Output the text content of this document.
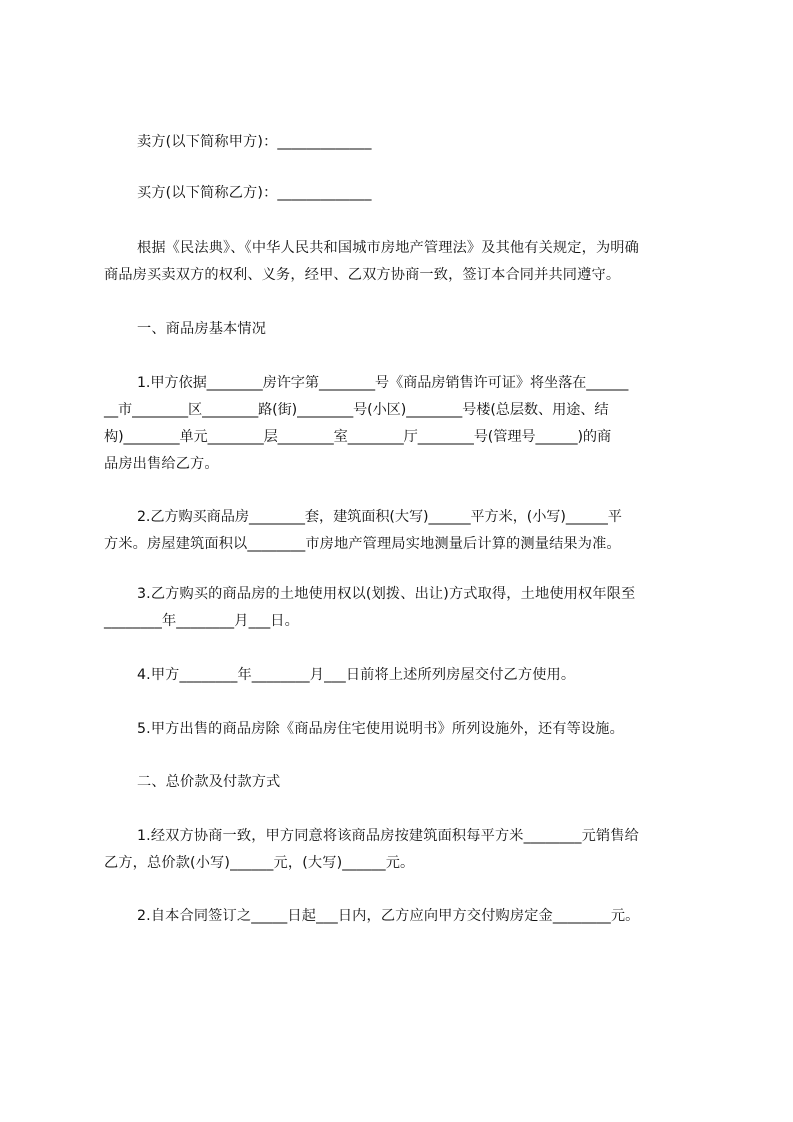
卖方(以下简称甲方)：_____________
买方(以下简称乙方)：_____________
根据《民法典》、《中华人民共和国城市房地产管理法》及其他有关规定，为明确
商品房买卖双方的权利、义务，经甲、乙双方协商一致，签订本合同并共同遵守。
一、商品房基本情况
1.甲方依据________房许字第________号《商品房销售许可证》将坐落在______
__市________区________路(街)________号(小区)________号楼(总层数、用途、结
构)________单元________层________室________厅________号(管理号______)的商
品房出售给乙方。
2.乙方购买商品房________套，建筑面积(大写)______平方米，(小写)______平
方米。房屋建筑面积以________市房地产管理局实地测量后计算的测量结果为准。
3.乙方购买的商品房的土地使用权以(划拨、出让)方式取得，土地使用权年限至
________年________月___日。
4.甲方________年________月___日前将上述所列房屋交付乙方使用。
5.甲方出售的商品房除《商品房住宅使用说明书》所列设施外，还有等设施。
二、总价款及付款方式
1.经双方协商一致，甲方同意将该商品房按建筑面积每平方米________元销售给
乙方，总价款(小写)______元，(大写)______元。
2.自本合同签订之_____日起___日内，乙方应向甲方交付购房定金________元。
